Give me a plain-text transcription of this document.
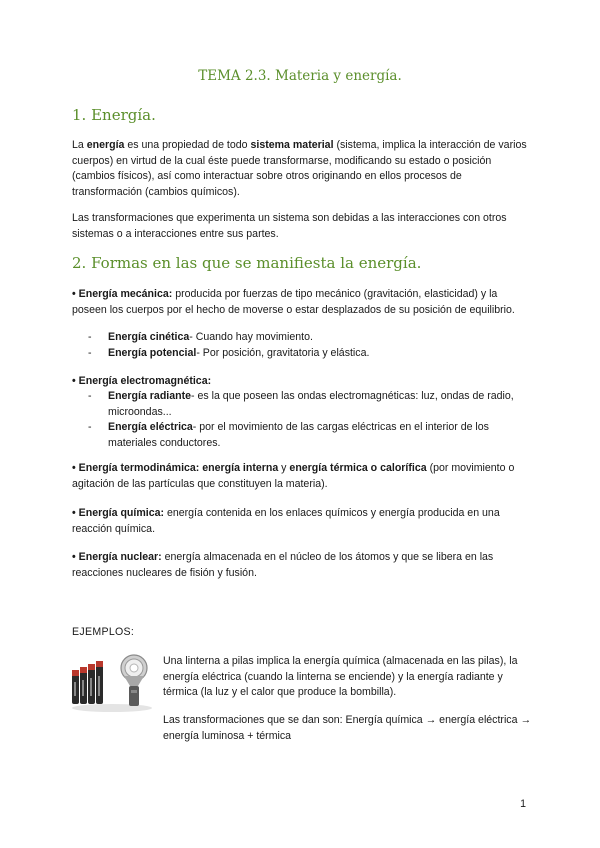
TEMA 2.3. Materia y energía.
1. Energía.
La energía es una propiedad de todo sistema material (sistema, implica la interacción de varios cuerpos) en virtud de la cual éste puede transformarse, modificando su estado o posición (cambios físicos), así como interactuar sobre otros originando en ellos procesos de transformación (cambios químicos).
Las transformaciones que experimenta un sistema son debidas a las interacciones con otros sistemas o a interacciones entre sus partes.
2. Formas en las que se manifiesta la energía.
• Energía mecánica: producida por fuerzas de tipo mecánico (gravitación, elasticidad) y la poseen los cuerpos por el hecho de moverse o estar desplazados de su posición de equilibrio.
- Energía cinética- Cuando hay movimiento.
- Energía potencial- Por posición, gravitatoria y elástica.
• Energía electromagnética:
- Energía radiante- es la que poseen las ondas electromagnéticas: luz, ondas de radio, microondas...
- Energía eléctrica- por el movimiento de las cargas eléctricas en el interior de los materiales conductores.
• Energía termodinámica: energía interna y energía térmica o calorífica (por movimiento o agitación de las partículas que constituyen la materia).
• Energía química: energía contenida en los enlaces químicos y energía producida en una reacción química.
• Energía nuclear: energía almacenada en el núcleo de los átomos y que se libera en las reacciones nucleares de fisión y fusión.
EJEMPLOS:
Una linterna a pilas implica la energía química (almacenada en las pilas), la energía eléctrica (cuando la linterna se enciende) y la energía radiante y térmica (la luz y el calor que produce la bombilla).
Las transformaciones que se dan son: Energía química → energía eléctrica → energía luminosa + térmica
1
